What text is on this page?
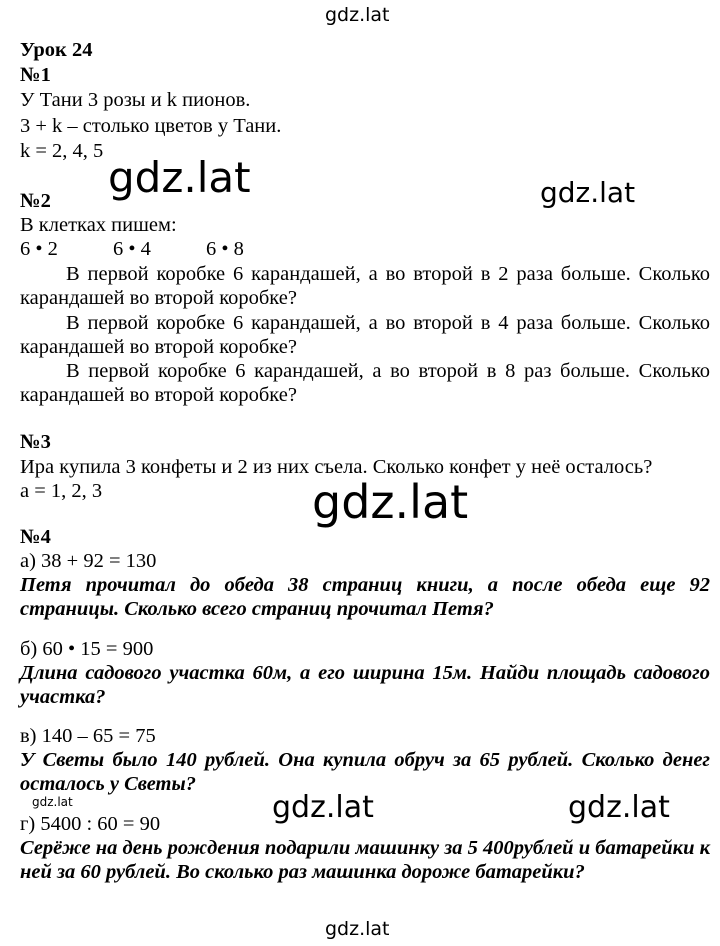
gdz.lat
gdz.lat	gdz.lat
gdz.lat
gdz.lat	gdz.lat	gdz.lat
gdz.lat
Урок 24
№1
У Тани 3 розы и k пионов.
3 + k – столько цветов у Тани.
k = 2, 4, 5
№2
В клетках пишем:
6 • 2	6 • 4	6 • 8
В первой коробке 6 карандашей, а во второй в 2 раза больше. Сколько карандашей во второй коробке?
В первой коробке 6 карандашей, а во второй в 4 раза больше. Сколько карандашей во второй коробке?
В первой коробке 6 карандашей, а во второй в 8 раз больше. Сколько карандашей во второй коробке?
№3
Ира купила 3 конфеты и 2 из них съела. Сколько конфет у неё осталось?
a = 1, 2, 3
№4
а) 38 + 92 = 130
Петя прочитал до обеда 38 страниц книги, а после обеда еще 92 страницы. Сколько всего страниц прочитал Петя?
б) 60 • 15 = 900
Длина садового участка 60м, а его ширина 15м. Найди площадь садового участка?
в) 140 – 65 = 75
У Светы было 140 рублей. Она купила обруч за 65 рублей. Сколько денег осталось у Светы?
г) 5400 : 60 = 90
Серёже на день рождения подарили машинку за 5 400рублей и батарейки к ней за 60 рублей. Во сколько раз машинка дороже батарейки?
